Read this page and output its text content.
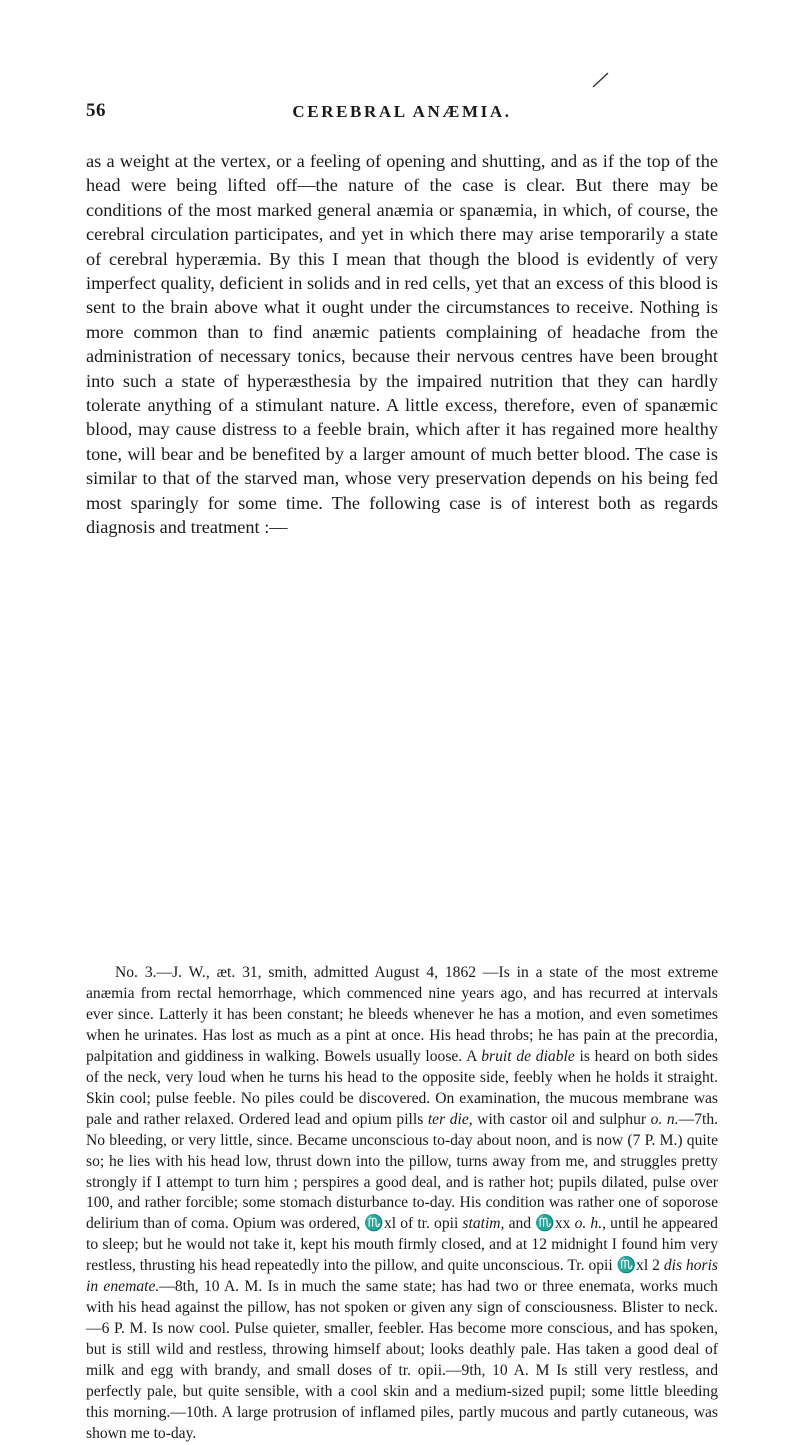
56	CEREBRAL ANÆMIA.

as a weight at the vertex, or a feeling of opening and shutting, and as if the top of the head were being lifted off—the nature of the case is clear. But there may be conditions of the most marked general anæmia or spanæmia, in which, of course, the cerebral circulation participates, and yet in which there may arise temporarily a state of cerebral hyperæmia. By this I mean that though the blood is evidently of very imperfect quality, deficient in solids and in red cells, yet that an excess of this blood is sent to the brain above what it ought under the circumstances to receive. Nothing is more common than to find anæmic patients complaining of headache from the administration of necessary tonics, because their nervous centres have been brought into such a state of hyperæsthesia by the impaired nutrition that they can hardly tolerate anything of a stimulant nature. A little excess, therefore, even of spanæmic blood, may cause distress to a feeble brain, which after it has regained more healthy tone, will bear and be benefited by a larger amount of much better blood. The case is similar to that of the starved man, whose very preservation depends on his being fed most sparingly for some time. The following case is of interest both as regards diagnosis and treatment :—

No. 3.—J. W., æt. 31, smith, admitted August 4, 1862 —Is in a state of the most extreme anæmia from rectal hemorrhage, which commenced nine years ago, and has recurred at intervals ever since. Latterly it has been constant; he bleeds whenever he has a motion, and even sometimes when he urinates. Has lost as much as a pint at once. His head throbs; he has pain at the precordia, palpitation and giddiness in walking. Bowels usually loose. A bruit de diable is heard on both sides of the neck, very loud when he turns his head to the opposite side, feebly when he holds it straight. Skin cool; pulse feeble. No piles could be discovered. On examination, the mucous membrane was pale and rather relaxed. Ordered lead and opium pills ter die, with castor oil and sulphur o. n.—7th. No bleeding, or very little, since. Became unconscious to-day about noon, and is now (7 P. M.) quite so; he lies with his head low, thrust down into the pillow, turns away from me, and struggles pretty strongly if I attempt to turn him ; perspires a good deal, and is rather hot; pupils dilated, pulse over 100, and rather forcible; some stomach disturbance to-day. His condition was rather one of soporose delirium than of coma. Opium was ordered, ♏xl of tr. opii statim, and ♏xx o. h., until he appeared to sleep; but he would not take it, kept his mouth firmly closed, and at 12 midnight I found him very restless, thrusting his head repeatedly into the pillow, and quite unconscious. Tr. opii ♏xl 2 dis horis in enemate.—8th, 10 A. M. Is in much the same state; has had two or three enemata, works much with his head against the pillow, has not spoken or given any sign of consciousness. Blister to neck. —6 P. M. Is now cool. Pulse quieter, smaller, feebler. Has become more conscious, and has spoken, but is still wild and restless, throwing himself about; looks deathly pale. Has taken a good deal of milk and egg with brandy, and small doses of tr. opii.—9th, 10 A. M Is still very restless, and perfectly pale, but quite sensible, with a cool skin and a medium-sized pupil; some little bleeding this morning.—10th. A large protrusion of inflamed piles, partly mucous and partly cutaneous, was shown me to-day.
